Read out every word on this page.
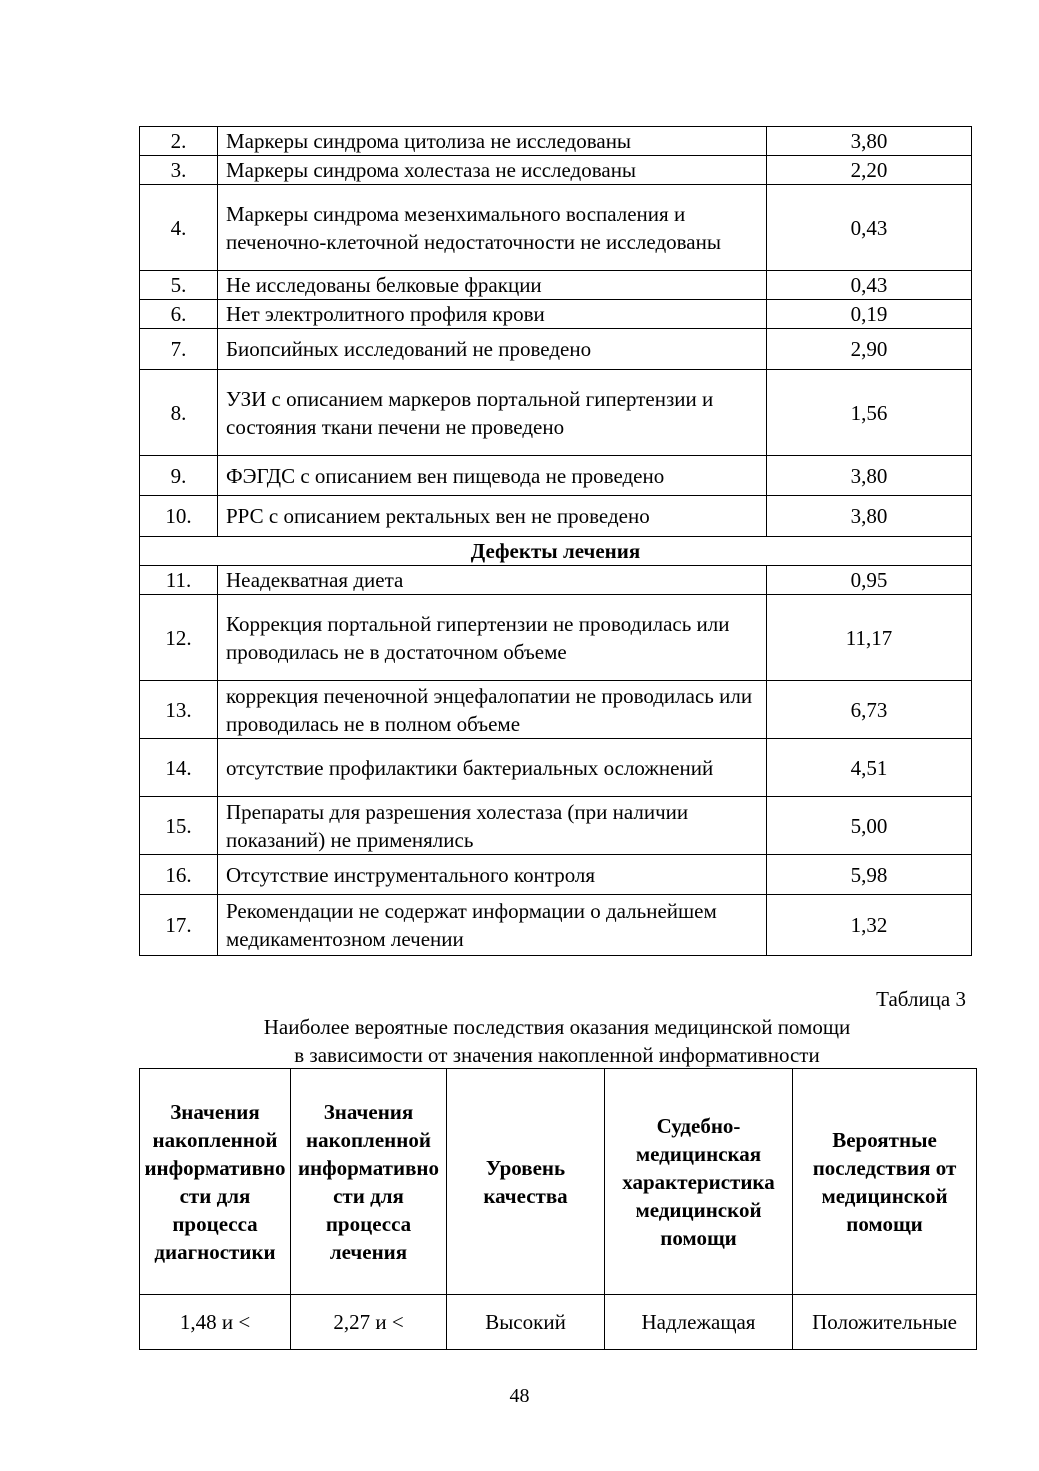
2.	Маркеры синдрома цитолиза не исследованы	3,80
3.	Маркеры синдрома холестаза не исследованы	2,20
4.	Маркеры синдрома мезенхимального воспаления и печеночно-клеточной недостаточности не исследованы	0,43
5.	Не исследованы белковые фракции	0,43
6.	Нет электролитного профиля крови	0,19
7.	Биопсийных исследований не проведено	2,90
8.	УЗИ с описанием маркеров портальной гипертензии и состояния ткани печени не проведено	1,56
9.	ФЭГДС с описанием вен пищевода не проведено	3,80
10.	РРС с описанием ректальных вен не проведено	3,80
Дефекты лечения		
11.	Неадекватная диета	0,95
12.	Коррекция портальной гипертензии не проводилась или проводилась не в достаточном объеме	11,17
13.	коррекция печеночной энцефалопатии не проводилась или проводилась не в полном объеме	6,73
14.	отсутствие профилактики бактериальных осложнений	4,51
15.	Препараты для разрешения холестаза (при наличии показаний) не применялись	5,00
16.	Отсутствие инструментального контроля	5,98
17.	Рекомендации не содержат информации о дальнейшем медикаментозном лечении	1,32
Таблица 3
Наиболее вероятные последствия оказания медицинской помощи
в зависимости от значения накопленной информативности
Значения накопленной информативности для процесса диагностики	Значения накопленной информативности для процесса лечения	Уровень качества	Судебно-медицинская характеристика медицинской помощи	Вероятные последствия от медицинской помощи
1,48 и <	2,27 и <	Высокий	Надлежащая	Положительные
48
